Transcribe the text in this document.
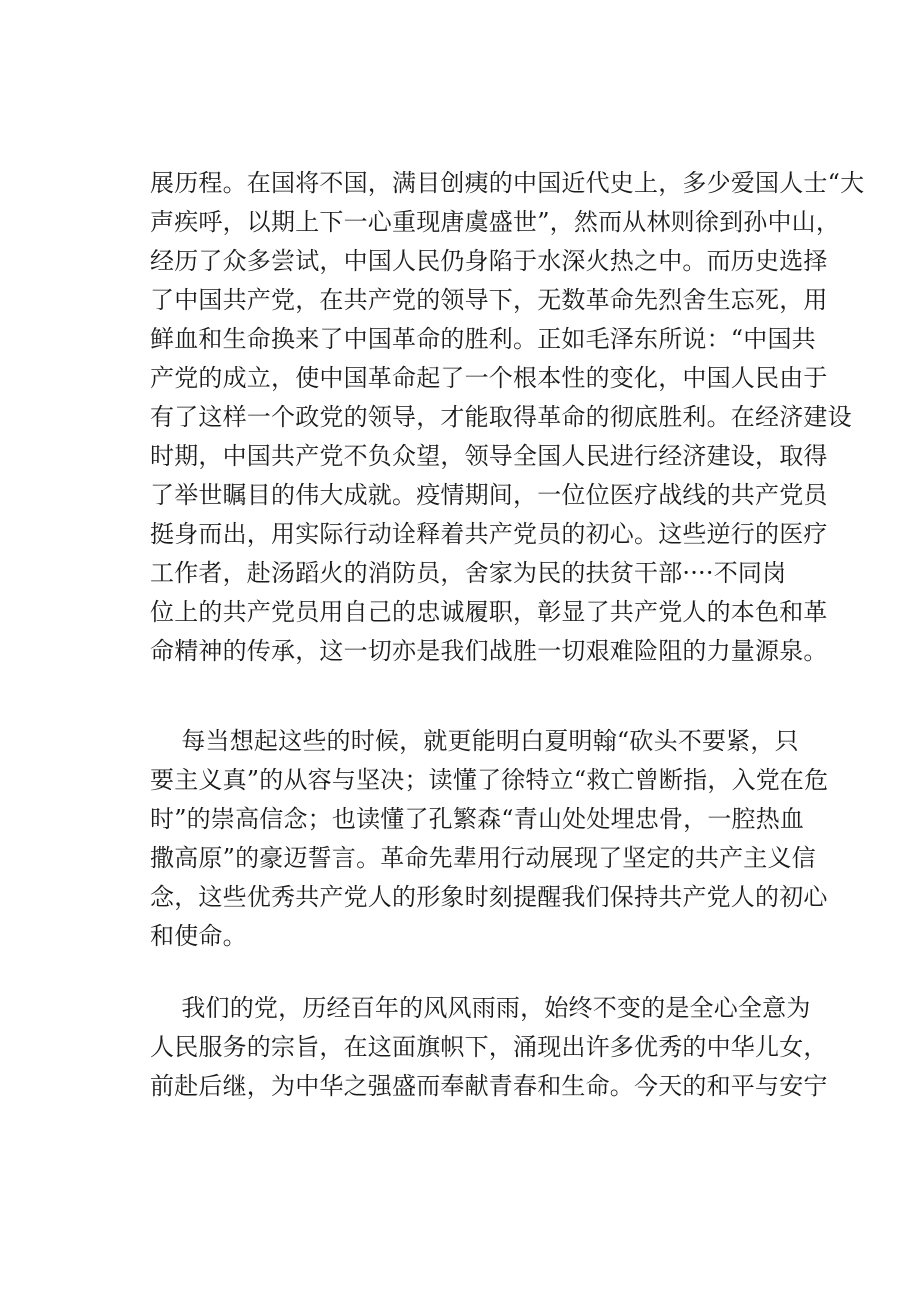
展历程。在国将不国，满目创痍的中国近代史上，多少爱国人士“大
声疾呼，以期上下一心重现唐虞盛世”，然而从林则徐到孙中山，
经历了众多尝试，中国人民仍身陷于水深火热之中。而历史选择
了中国共产党，在共产党的领导下，无数革命先烈舍生忘死，用
鲜血和生命换来了中国革命的胜利。正如毛泽东所说：“中国共
产党的成立，使中国革命起了一个根本性的变化，中国人民由于
有了这样一个政党的领导，才能取得革命的彻底胜利。在经济建设
时期，中国共产党不负众望，领导全国人民进行经济建设，取得
了举世瞩目的伟大成就。疫情期间，一位位医疗战线的共产党员
挺身而出，用实际行动诠释着共产党员的初心。这些逆行的医疗
工作者，赴汤蹈火的消防员，舍家为民的扶贫干部····不同岗
位上的共产党员用自己的忠诚履职，彰显了共产党人的本色和革
命精神的传承，这一切亦是我们战胜一切艰难险阻的力量源泉。
每当想起这些的时候，就更能明白夏明翰“砍头不要紧，只
要主义真”的从容与坚决；读懂了徐特立“救亡曾断指，入党在危
时”的崇高信念；也读懂了孔繁森“青山处处埋忠骨，一腔热血
撒高原”的豪迈誓言。革命先辈用行动展现了坚定的共产主义信
念，这些优秀共产党人的形象时刻提醒我们保持共产党人的初心
和使命。
我们的党，历经百年的风风雨雨，始终不变的是全心全意为
人民服务的宗旨，在这面旗帜下，涌现出许多优秀的中华儿女，
前赴后继，为中华之强盛而奉献青春和生命。今天的和平与安宁
